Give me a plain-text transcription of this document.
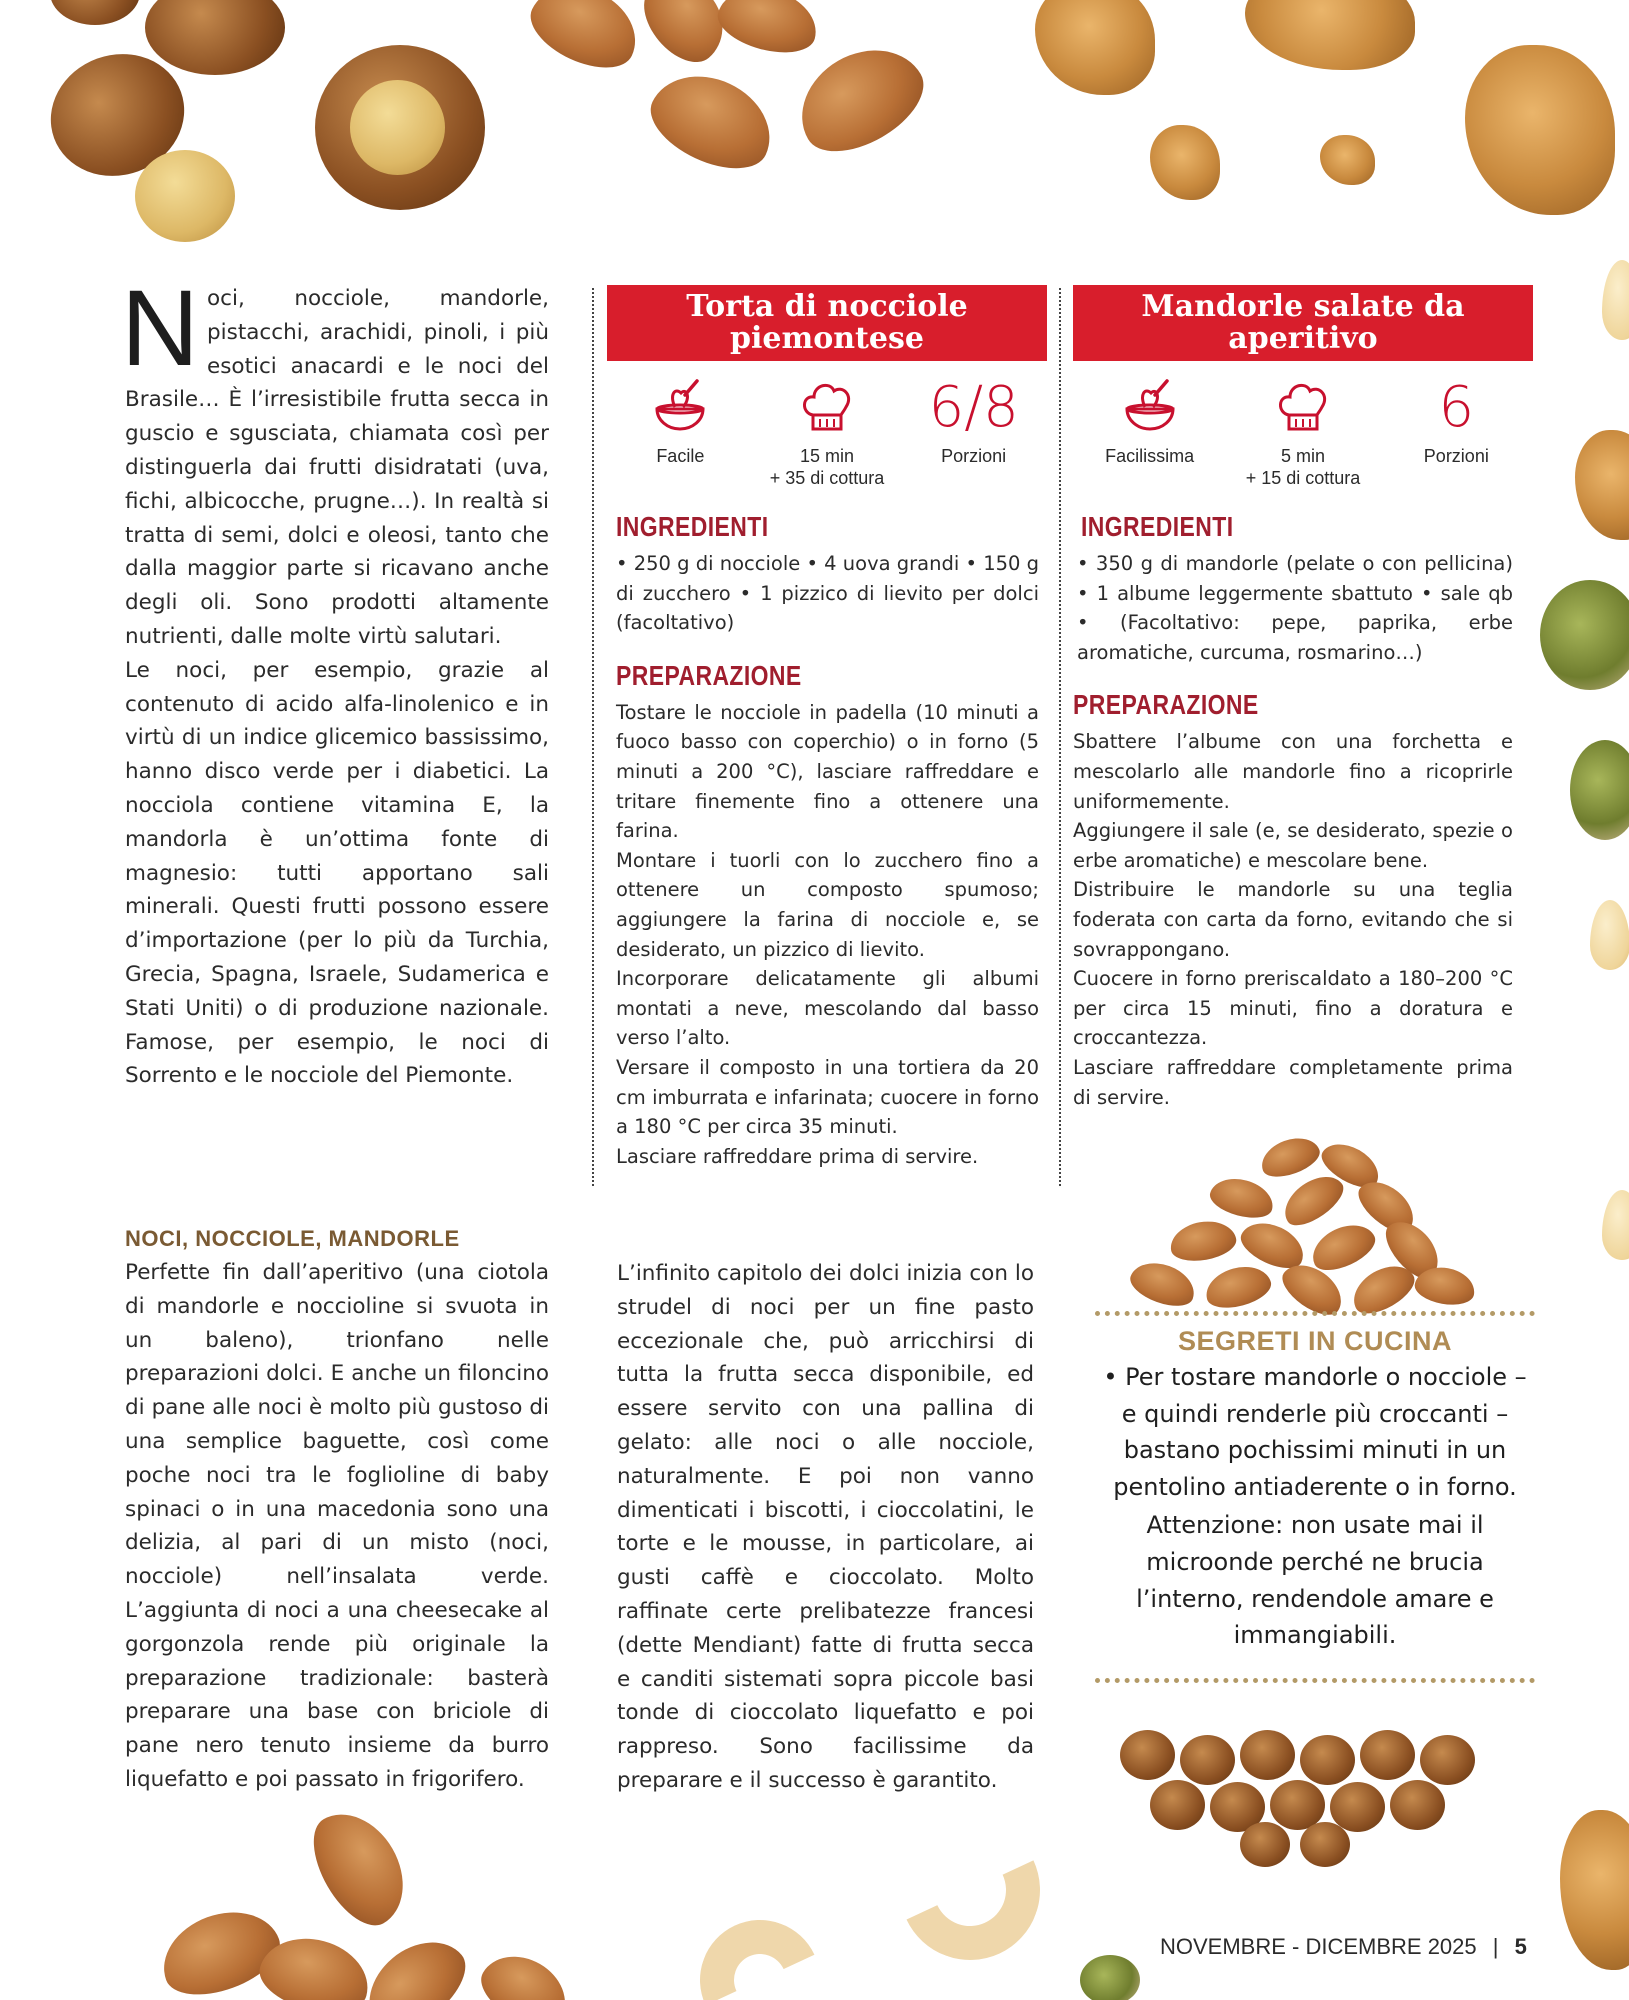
Noci, nocciole, mandorle, pistacchi, arachidi, pinoli, i più esotici anacardi e le noci del Brasile… È l’irresistibile frutta secca in guscio e sgusciata, chiamata così per distinguerla dai frutti disidratati (uva, fichi, albicocche, prugne…). In realtà si tratta di semi, dolci e oleosi, tanto che dalla maggior parte si ricavano anche degli oli. Sono prodotti altamente nutrienti, dalle molte virtù salutari.

Le noci, per esempio, grazie al contenuto di acido alfa-linolenico e in virtù di un indice glicemico bassissimo, hanno disco verde per i diabetici. La nocciola contiene vitamina E, la mandorla è un’ottima fonte di magnesio: tutti apportano sali minerali. Questi frutti possono essere d’importazione (per lo più da Turchia, Grecia, Spagna, Israele, Sudamerica e Stati Uniti) o di produzione nazionale. Famose, per esempio, le noci di Sorrento e le nocciole del Piemonte.

NOCI, NOCCIOLE, MANDORLE

Perfette fin dall’aperitivo (una ciotola di mandorle e noccioline si svuota in un baleno), trionfano nelle preparazioni dolci. E anche un filoncino di pane alle noci è molto più gustoso di una semplice baguette, così come poche noci tra le foglioline di baby spinaci o in una macedonia sono una delizia, al pari di un misto (noci, nocciole) nell’insalata verde. L’aggiunta di noci a una cheesecake al gorgonzola rende più originale la preparazione tradizionale: basterà preparare una base con briciole di pane nero tenuto insieme da burro liquefatto e poi passato in frigorifero.

Torta di nocciole piemontese
Facile	15 min
+ 35 di cottura
6/8
Porzioni
INGREDIENTI

• 250 g di nocciole • 4 uova grandi • 150 g di zucchero • 1 pizzico di lievito per dolci (facoltativo)

PREPARAZIONE

Tostare le nocciole in padella (10 minuti a fuoco basso con coperchio) o in forno (5 minuti a 200 °C), lasciare raffreddare e tritare finemente fino a ottenere una farina.

Montare i tuorli con lo zucchero fino a ottenere un composto spumoso; aggiungere la farina di nocciole e, se desiderato, un pizzico di lievito.

Incorporare delicatamente gli albumi montati a neve, mescolando dal basso verso l’alto.

Versare il composto in una tortiera da 20 cm imburrata e infarinata; cuocere in forno a 180 °C per circa 35 minuti.

Lasciare raffreddare prima di servire.

Mandorle salate da aperitivo
Facilissima	5 min
+ 15 di cottura
6
Porzioni
INGREDIENTI

• 350 g di mandorle (pelate o con pellicina) • 1 albume leggermente sbattuto • sale qb • (Facoltativo: pepe, paprika, erbe aromatiche, curcuma, rosmarino…)

PREPARAZIONE

Sbattere l’albume con una forchetta e mescolarlo alle mandorle fino a ricoprirle uniformemente.

Aggiungere il sale (e, se desiderato, spezie o erbe aromatiche) e mescolare bene.

Distribuire le mandorle su una teglia foderata con carta da forno, evitando che si sovrappongano.

Cuocere in forno preriscaldato a 180–200 °C per circa 15 minuti, fino a doratura e croccantezza.

Lasciare raffreddare completamente prima di servire.

L’infinito capitolo dei dolci inizia con lo strudel di noci per un fine pasto eccezionale che, può arricchirsi di tutta la frutta secca disponibile, ed essere servito con una pallina di gelato: alle noci o alle nocciole, naturalmente. E poi non vanno dimenticati i biscotti, i cioccolatini, le torte e le mousse, in particolare, ai gusti caffè e cioccolato. Molto raffinate certe prelibatezze francesi (dette Mendiant) fatte di frutta secca e canditi sistemati sopra piccole basi tonde di cioccolato liquefatto e poi rappreso. Sono facilissime da preparare e il successo è garantito.

SEGRETI IN CUCINA

• Per tostare mandorle o nocciole – e quindi renderle più croccanti – bastano pochissimi minuti in un pentolino antiaderente o in forno.

Attenzione: non usate mai il microonde perché ne brucia l’interno, rendendole amare e immangiabili.

NOVEMBRE - DICEMBRE 2025 | 5
